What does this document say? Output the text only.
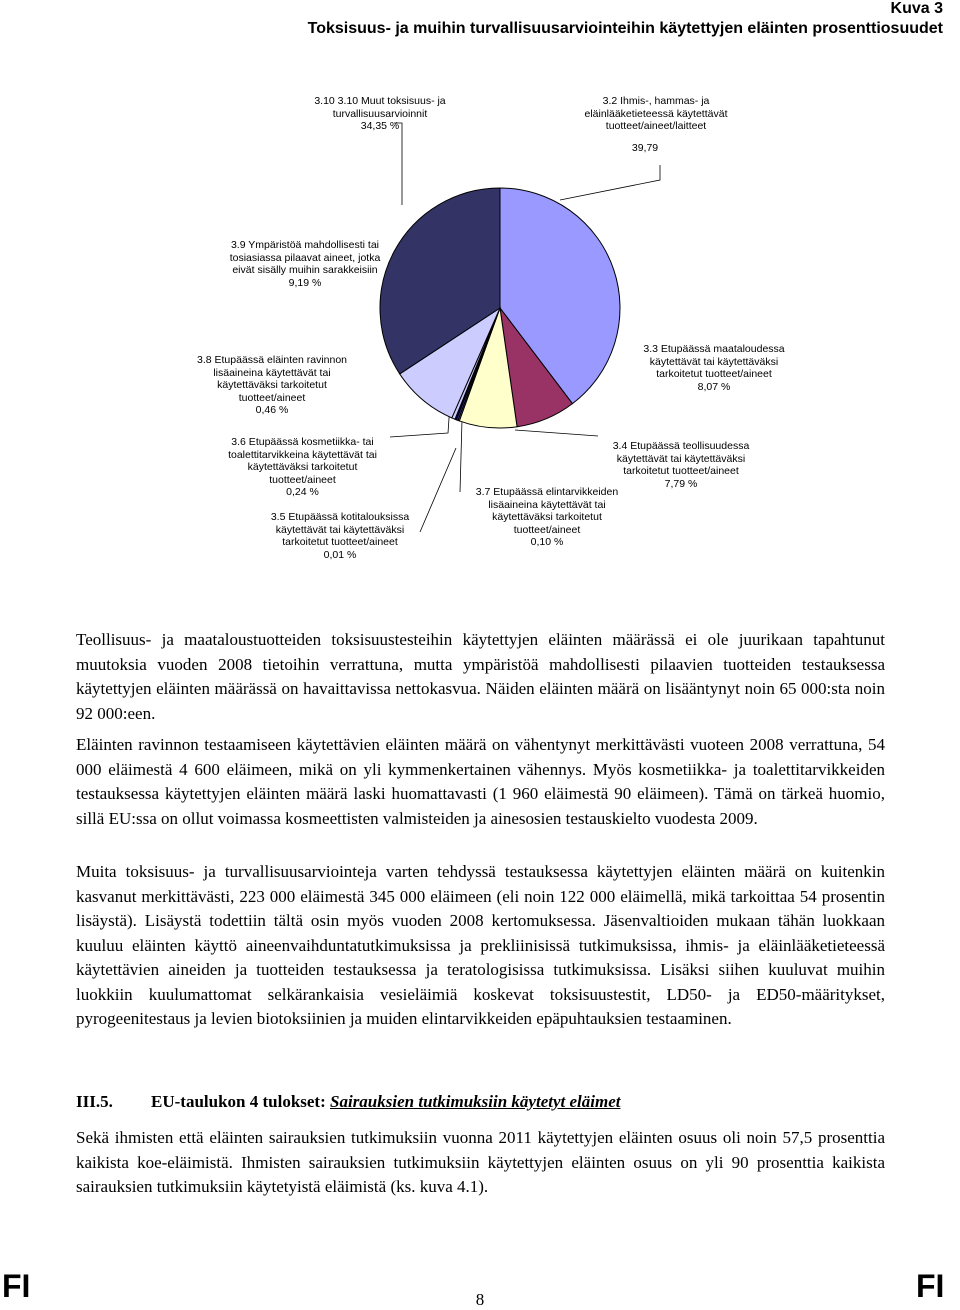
Kuva 3
Toksisuus- ja muihin turvallisuusarviointeihin käytettyjen eläinten prosenttiosuudet
3.10 3.10 Muut toksisuus- ja
turvallisuusarvioinnit
34,35 %
3.2 Ihmis-, hammas- ja
eläinlääketieteessä käytettävät
tuotteet/aineet/laitteet
39,79
3.9 Ympäristöä mahdollisesti tai
tosiasiassa pilaavat aineet, jotka
eivät sisälly muihin sarakkeisiin
9,19 %
3.8 Etupäässä eläinten ravinnon
lisäaineina käytettävät tai
käytettäväksi tarkoitetut
tuotteet/aineet
0,46 %
3.3 Etupäässä maataloudessa
käytettävät tai käytettäväksi
tarkoitetut tuotteet/aineet
8,07 %
3.6 Etupäässä kosmetiikka- tai
toalettitarvikkeina käytettävät tai
käytettäväksi tarkoitetut
tuotteet/aineet
0,24 %
3.5 Etupäässä kotitalouksissa
käytettävät tai käytettäväksi
tarkoitetut tuotteet/aineet
0,01 %
3.7 Etupäässä elintarvikkeiden
lisäaineina käytettävät tai
käytettäväksi tarkoitetut
tuotteet/aineet
0,10 %
3.4 Etupäässä teollisuudessa
käytettävät tai käytettäväksi
tarkoitetut tuotteet/aineet
7,79 %

Teollisuus- ja maataloustuotteiden toksisuustesteihin käytettyjen eläinten määrässä ei ole juurikaan tapahtunut muutoksia vuoden 2008 tietoihin verrattuna, mutta ympäristöä mahdollisesti pilaavien tuotteiden testauksessa käytettyjen eläinten määrässä on havaittavissa nettokasvua. Näiden eläinten määrä on lisääntynyt noin 65 000:sta noin 92 000:een.

Eläinten ravinnon testaamiseen käytettävien eläinten määrä on vähentynyt merkittävästi vuoteen 2008 verrattuna, 54 000 eläimestä 4 600 eläimeen, mikä on yli kymmenkertainen vähennys. Myös kosmetiikka- ja toalettitarvikkeiden testauksessa käytettyjen eläinten määrä laski huomattavasti (1 960 eläimestä 90 eläimeen). Tämä on tärkeä huomio, sillä EU:ssa on ollut voimassa kosmeettisten valmisteiden ja ainesosien testauskielto vuodesta 2009.

Muita toksisuus- ja turvallisuusarviointeja varten tehdyssä testauksessa käytettyjen eläinten määrä on kuitenkin kasvanut merkittävästi, 223 000 eläimestä 345 000 eläimeen (eli noin 122 000 eläimellä, mikä tarkoittaa 54 prosentin lisäystä). Lisäystä todettiin tältä osin myös vuoden 2008 kertomuksessa. Jäsenvaltioiden mukaan tähän luokkaan kuuluu eläinten käyttö aineenvaihduntatutkimuksissa ja prekliinisissä tutkimuksissa, ihmis- ja eläinlääketieteessä käytettävien aineiden ja tuotteiden testauksessa ja teratologisissa tutkimuksissa. Lisäksi siihen kuuluvat muihin luokkiin kuulumattomat selkärankaisia vesieläimiä koskevat toksisuustestit, LD50- ja ED50-määritykset, pyrogeenitestaus ja levien biotoksiinien ja muiden elintarvikkeiden epäpuhtauksien testaaminen.

III.5. EU-taulukon 4 tulokset: Sairauksien tutkimuksiin käytetyt eläimet

Sekä ihmisten että eläinten sairauksien tutkimuksiin vuonna 2011 käytettyjen eläinten osuus oli noin 57,5 prosenttia kaikista koe-eläimistä. Ihmisten sairauksien tutkimuksiin käytettyjen eläinten osuus on yli 90 prosenttia kaikista sairauksien tutkimuksiin käytetyistä eläimistä (ks. kuva 4.1).

FI	FI
8
